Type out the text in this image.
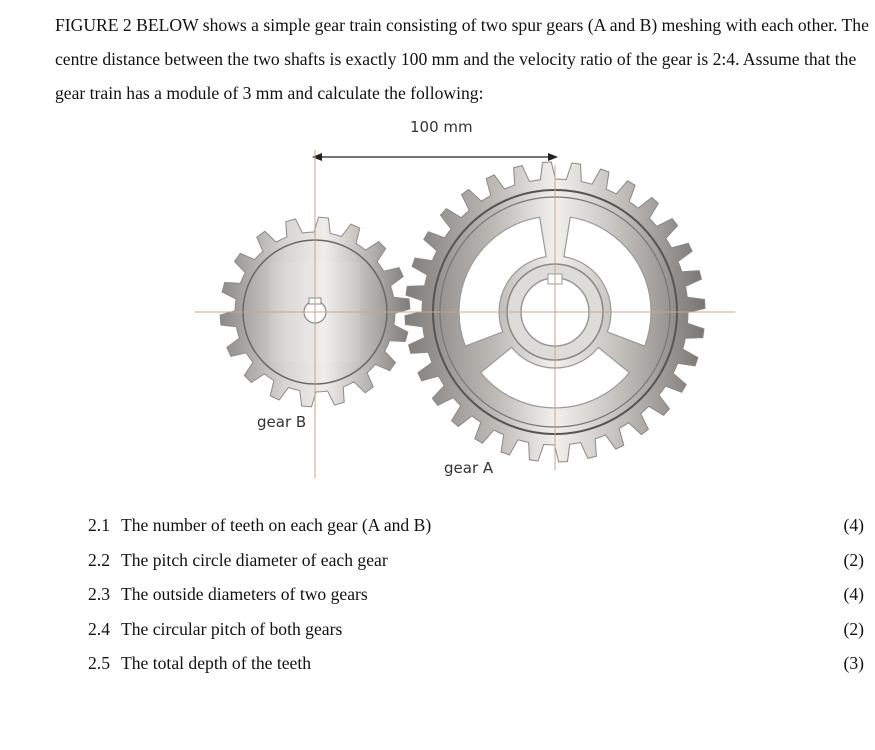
FIGURE 2 BELOW shows a simple gear train consisting of two spur gears (A and B) meshing with each other. The centre distance between the two shafts is exactly 100 mm and the velocity ratio of the gear is 2:4. Assume that the gear train has a module of 3 mm and calculate the following:
100 mm
gear B
gear A
2.1 The number of teeth on each gear (A and B)	(4)
2.2 The pitch circle diameter of each gear	(2)
2.3 The outside diameters of two gears	(4)
2.4 The circular pitch of both gears	(2)
2.5 The total depth of the teeth	(3)
